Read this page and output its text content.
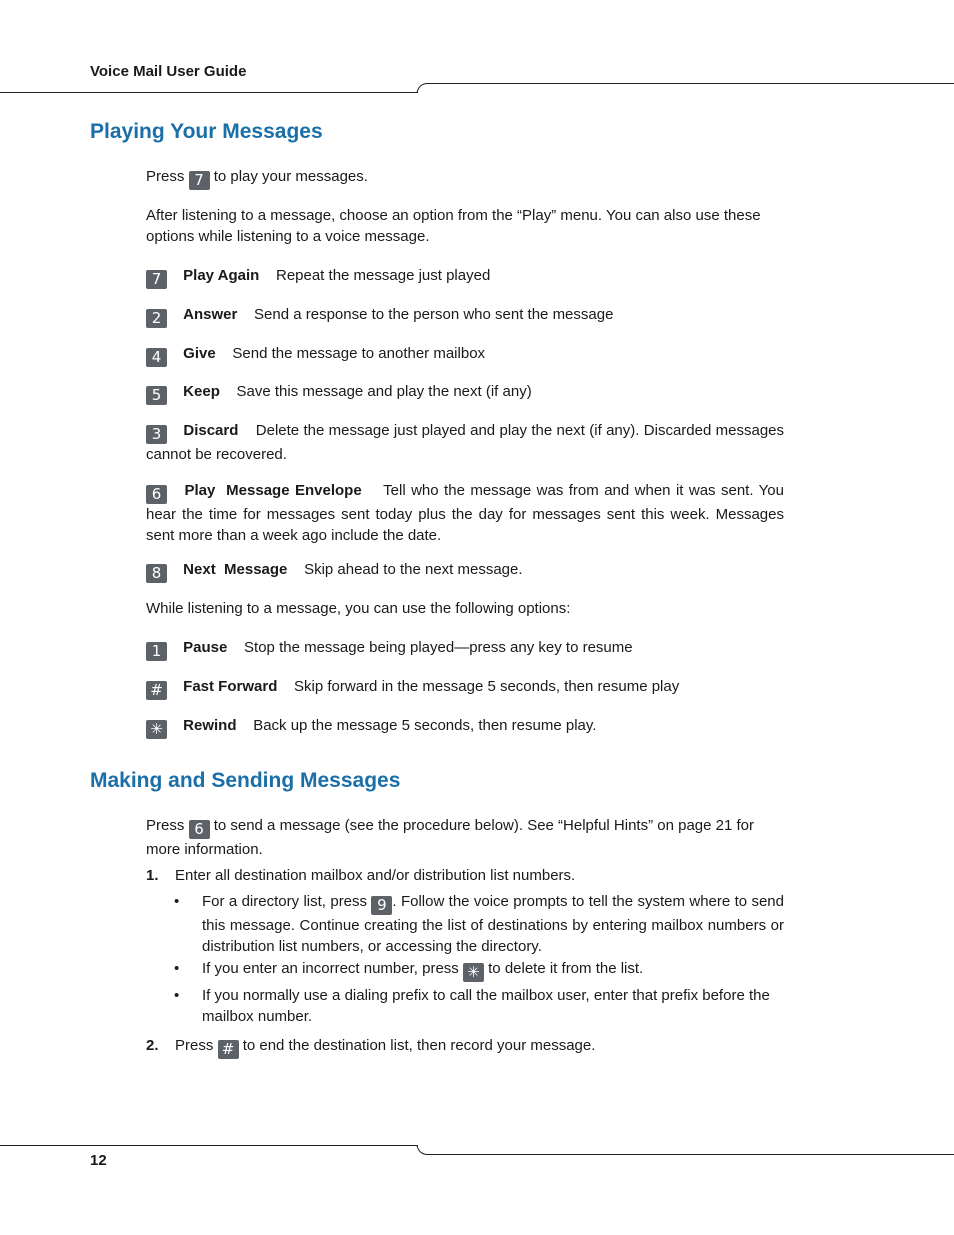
Voice Mail User Guide
Playing Your Messages
Press 7 to play your messages.
After listening to a message, choose an option from the “Play” menu. You can also use these options while listening to a voice message.
7 Play Again Repeat the message just played
2 Answer Send a response to the person who sent the message
4 Give Send the message to another mailbox
5 Keep Save this message and play the next (if any)
3 Discard Delete the message just played and play the next (if any). Discarded messages cannot be recovered.
6 Play  Message Envelope Tell who the message was from and when it was sent. You hear the time for messages sent today plus the day for messages sent this week. Messages sent more than a week ago include the date.
8 Next  Message Skip ahead to the next message.
While listening to a message, you can use the following options:
1 Pause Stop the message being played—press any key to resume
# Fast Forward Skip forward in the message 5 seconds, then resume play
✳ Rewind Back up the message 5 seconds, then resume play.
Making and Sending Messages
Press 6 to send a message (see the procedure below). See “Helpful Hints” on page 21 for more information.
1. Enter all destination mailbox and/or distribution list numbers.
• For a directory list, press 9 . Follow the voice prompts to tell the system where to send this message. Continue creating the list of destinations by entering mailbox numbers or distribution list numbers, or accessing the directory.
• If you enter an incorrect number, press ✳ to delete it from the list.
• If you normally use a dialing prefix to call the mailbox user, enter that prefix before the mailbox number.
2. Press # to end the destination list, then record your message.
12
